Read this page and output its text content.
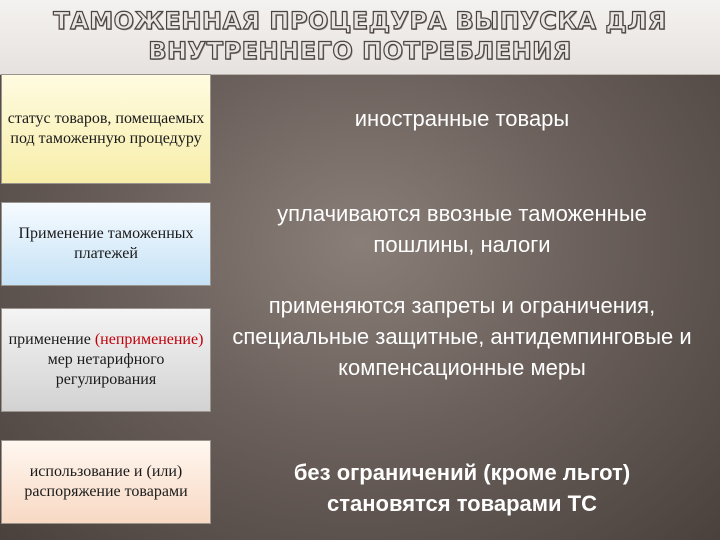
ТАМОЖЕННАЯ ПРОЦЕДУРА ВЫПУСКА ДЛЯ
ВНУТРЕННЕГО ПОТРЕБЛЕНИЯ
статус товаров, помещаемых под таможенную процедуру
иностранные товары
Применение таможенных платежей
уплачиваются ввозные таможенные пошлины, налоги
применение (неприменение) мер нетарифного регулирования
применяются запреты и ограничения, специальные защитные, антидемпинговые и компенсационные меры
использование и (или) распоряжение товарами
без ограничений (кроме льгот) становятся товарами ТС
